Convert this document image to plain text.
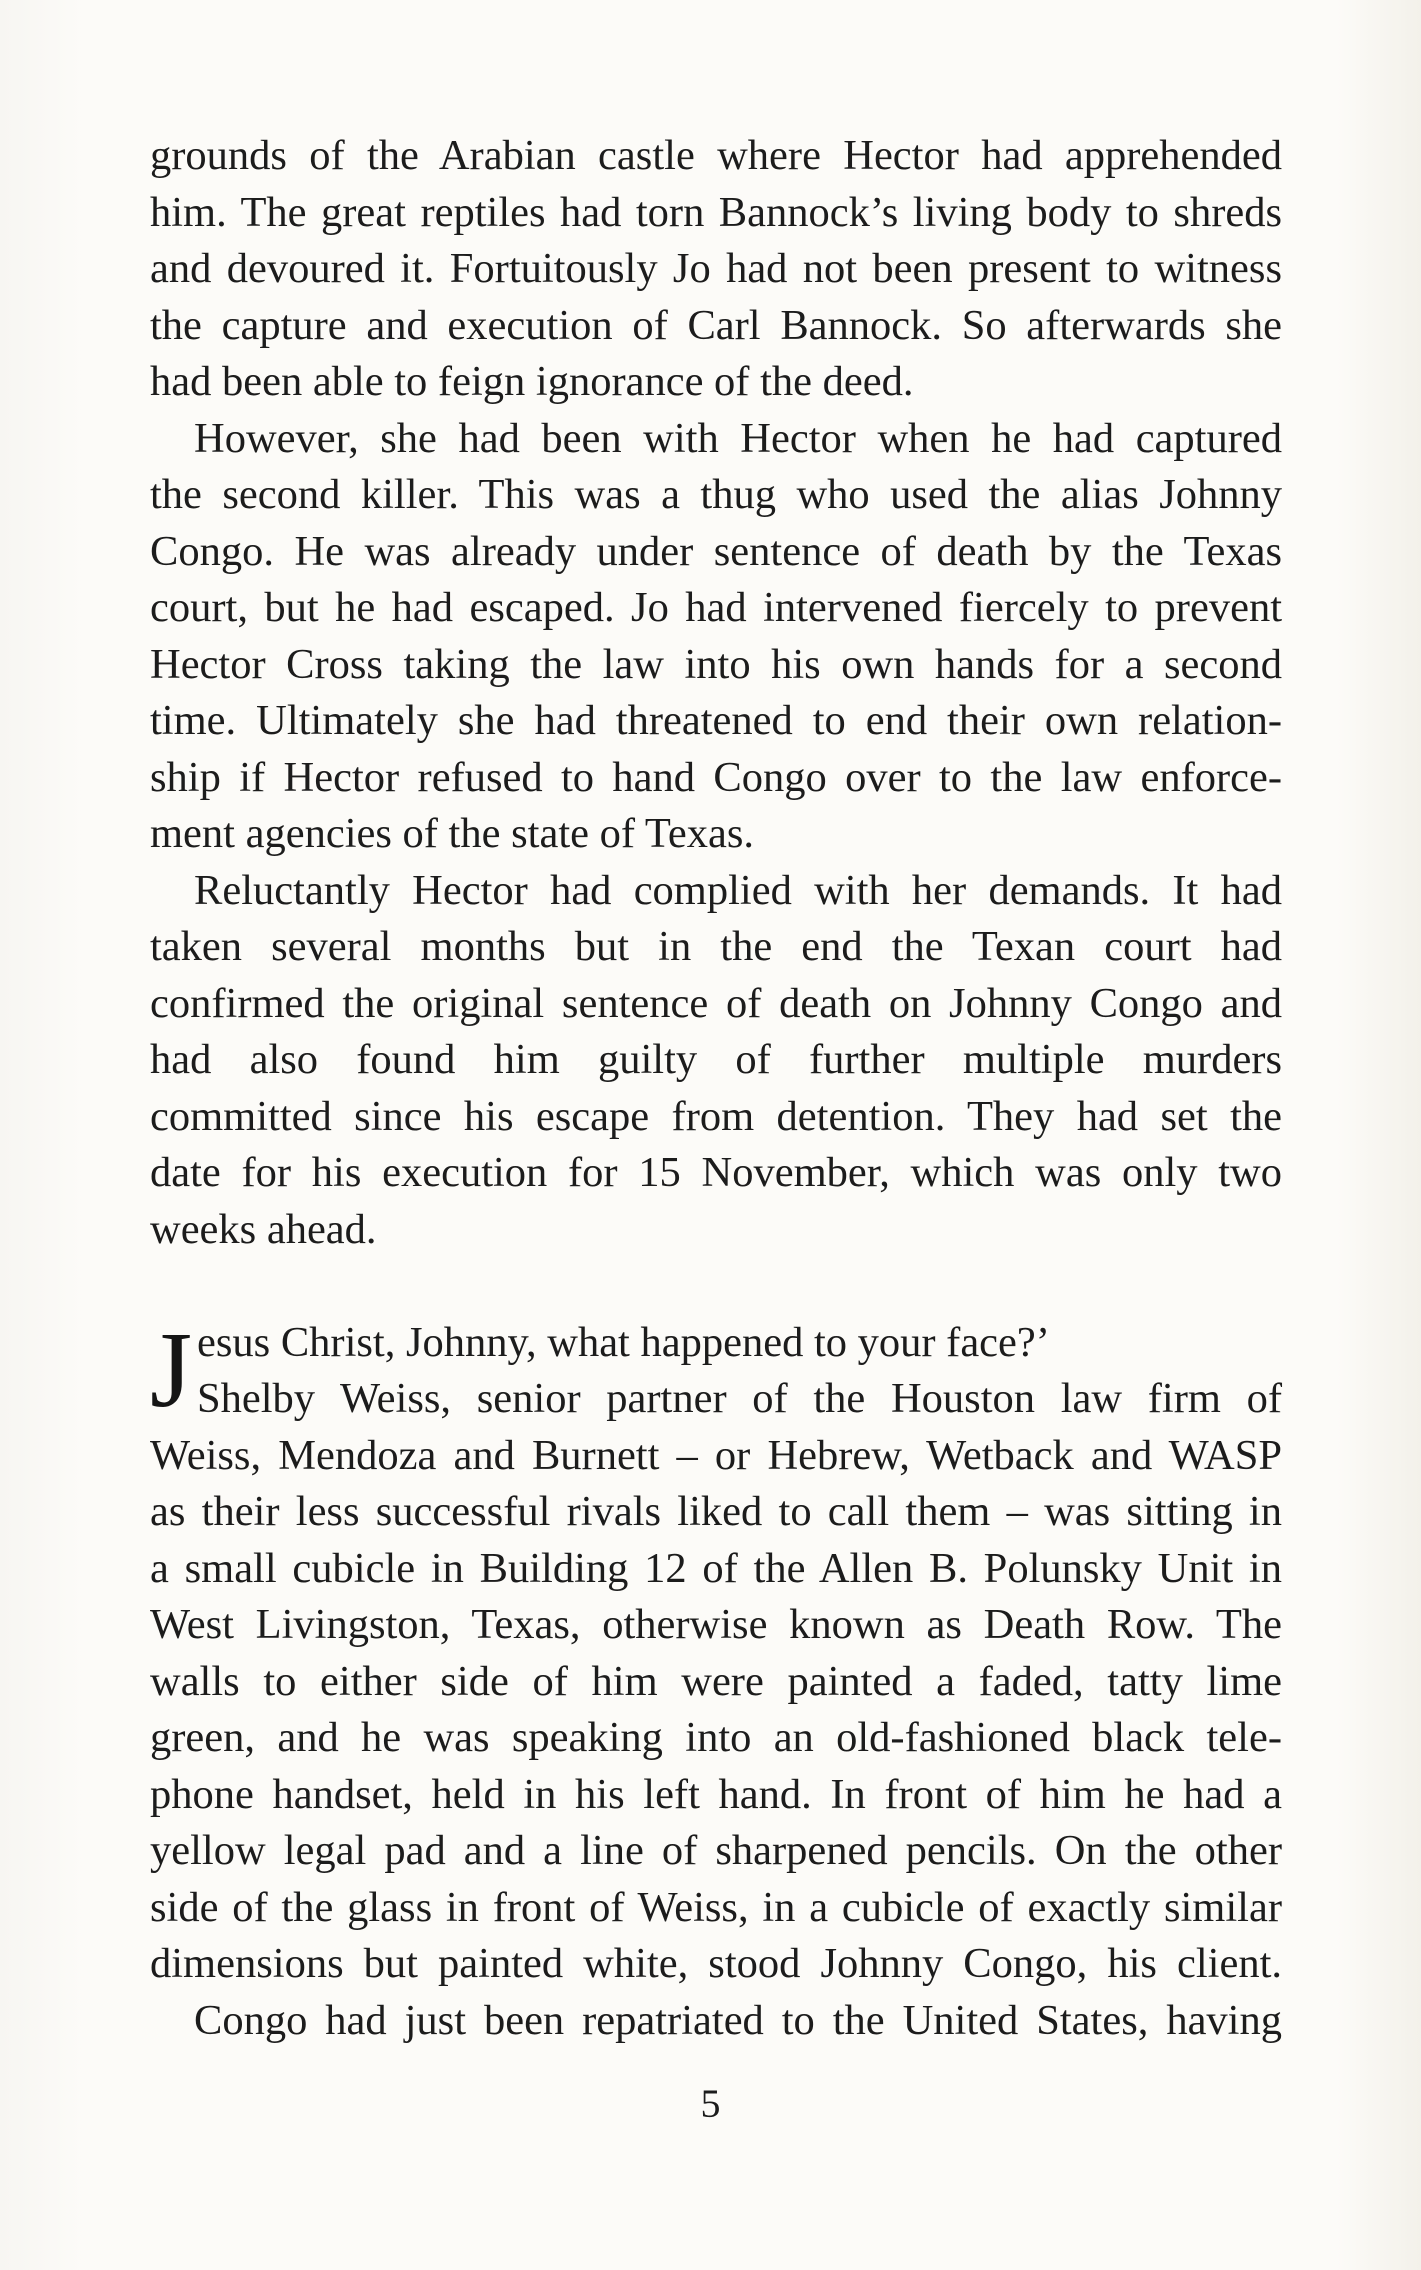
grounds of the Arabian castle where Hector had apprehended
him. The great reptiles had torn Bannock’s living body to shreds
and devoured it. Fortuitously Jo had not been present to witness
the capture and execution of Carl Bannock. So afterwards she
had been able to feign ignorance of the deed.
However, she had been with Hector when he had captured
the second killer. This was a thug who used the alias Johnny
Congo. He was already under sentence of death by the Texas
court, but he had escaped. Jo had intervened fiercely to prevent
Hector Cross taking the law into his own hands for a second
time. Ultimately she had threatened to end their own relation-
ship if Hector refused to hand Congo over to the law enforce-
ment agencies of the state of Texas.
Reluctantly Hector had complied with her demands. It had
taken several months but in the end the Texan court had
confirmed the original sentence of death on Johnny Congo and
had also found him guilty of further multiple murders
committed since his escape from detention. They had set the
date for his execution for 15 November, which was only two
weeks ahead.
J esus Christ, Johnny, what happened to your face?’
Shelby Weiss, senior partner of the Houston law firm of
Weiss, Mendoza and Burnett – or Hebrew, Wetback and WASP
as their less successful rivals liked to call them – was sitting in
a small cubicle in Building 12 of the Allen B. Polunsky Unit in
West Livingston, Texas, otherwise known as Death Row. The
walls to either side of him were painted a faded, tatty lime
green, and he was speaking into an old-fashioned black tele-
phone handset, held in his left hand. In front of him he had a
yellow legal pad and a line of sharpened pencils. On the other
side of the glass in front of Weiss, in a cubicle of exactly similar
dimensions but painted white, stood Johnny Congo, his client.
Congo had just been repatriated to the United States, having
5
